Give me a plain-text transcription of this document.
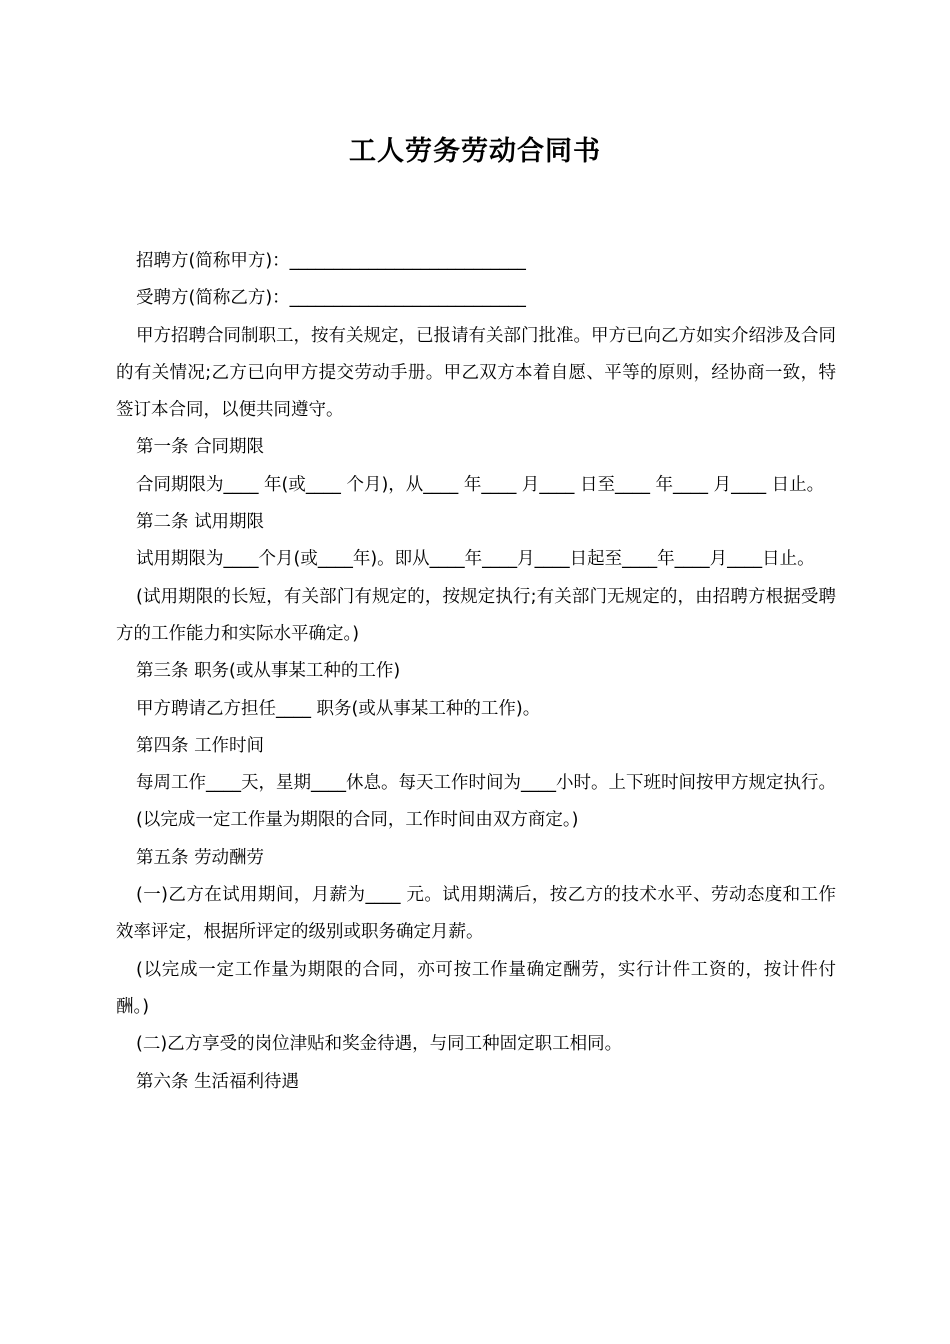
工人劳务劳动合同书

招聘方(简称甲方)：___________________________

受聘方(简称乙方)：___________________________

甲方招聘合同制职工，按有关规定，已报请有关部门批准。甲方已向乙方如实介绍涉及合同的有关情况;乙方已向甲方提交劳动手册。甲乙双方本着自愿、平等的原则，经协商一致，特签订本合同，以便共同遵守。

第一条 合同期限

合同期限为____ 年(或____ 个月)，从____ 年____ 月____ 日至____ 年____ 月____ 日止。

第二条 试用期限

试用期限为____个月(或____年)。即从____年____月____日起至____年____月____日止。

(试用期限的长短，有关部门有规定的，按规定执行;有关部门无规定的，由招聘方根据受聘方的工作能力和实际水平确定。)

第三条 职务(或从事某工种的工作)

甲方聘请乙方担任____ 职务(或从事某工种的工作)。

第四条 工作时间

每周工作____天，星期____休息。每天工作时间为____小时。上下班时间按甲方规定执行。

(以完成一定工作量为期限的合同，工作时间由双方商定。)

第五条 劳动酬劳

(一)乙方在试用期间，月薪为____ 元。试用期满后，按乙方的技术水平、劳动态度和工作效率评定，根据所评定的级别或职务确定月薪。

(以完成一定工作量为期限的合同，亦可按工作量确定酬劳，实行计件工资的，按计件付酬。)

(二)乙方享受的岗位津贴和奖金待遇，与同工种固定职工相同。

第六条 生活福利待遇
